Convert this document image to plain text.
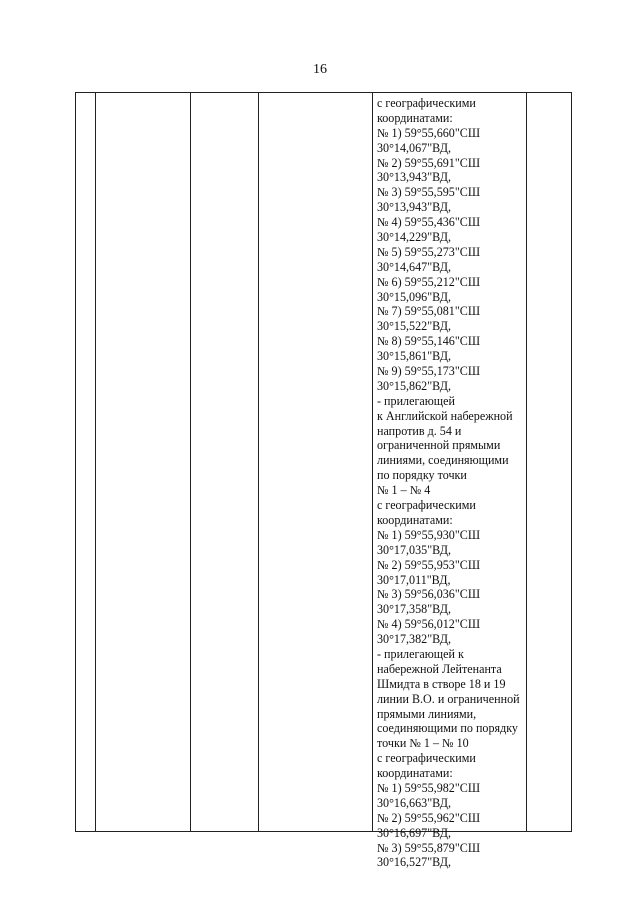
16
с географическими
координатами:
№ 1) 59°55,660"СШ
30°14,067"ВД,
№ 2) 59°55,691"СШ
30°13,943"ВД,
№ 3) 59°55,595"СШ
30°13,943"ВД,
№ 4) 59°55,436"СШ
30°14,229"ВД,
№ 5) 59°55,273"СШ
30°14,647"ВД,
№ 6) 59°55,212"СШ
30°15,096"ВД,
№ 7) 59°55,081"СШ
30°15,522"ВД,
№ 8) 59°55,146"СШ
30°15,861"ВД,
№ 9) 59°55,173"СШ
30°15,862"ВД,
- прилегающей
к Английской набережной
напротив д. 54 и
ограниченной прямыми
линиями, соединяющими
по порядку точки
№ 1 – № 4
с географическими
координатами:
№ 1) 59°55,930"СШ
30°17,035"ВД,
№ 2) 59°55,953"СШ
30°17,011"ВД,
№ 3) 59°56,036"СШ
30°17,358"ВД,
№ 4) 59°56,012"СШ
30°17,382"ВД,
- прилегающей к
набережной Лейтенанта
Шмидта в створе 18 и 19
линии В.О. и ограниченной
прямыми линиями,
соединяющими по порядку
точки № 1 – № 10
с географическими
координатами:
№ 1) 59°55,982"СШ
30°16,663"ВД,
№ 2) 59°55,962"СШ
30°16,697"ВД,
№ 3) 59°55,879"СШ
30°16,527"ВД,
